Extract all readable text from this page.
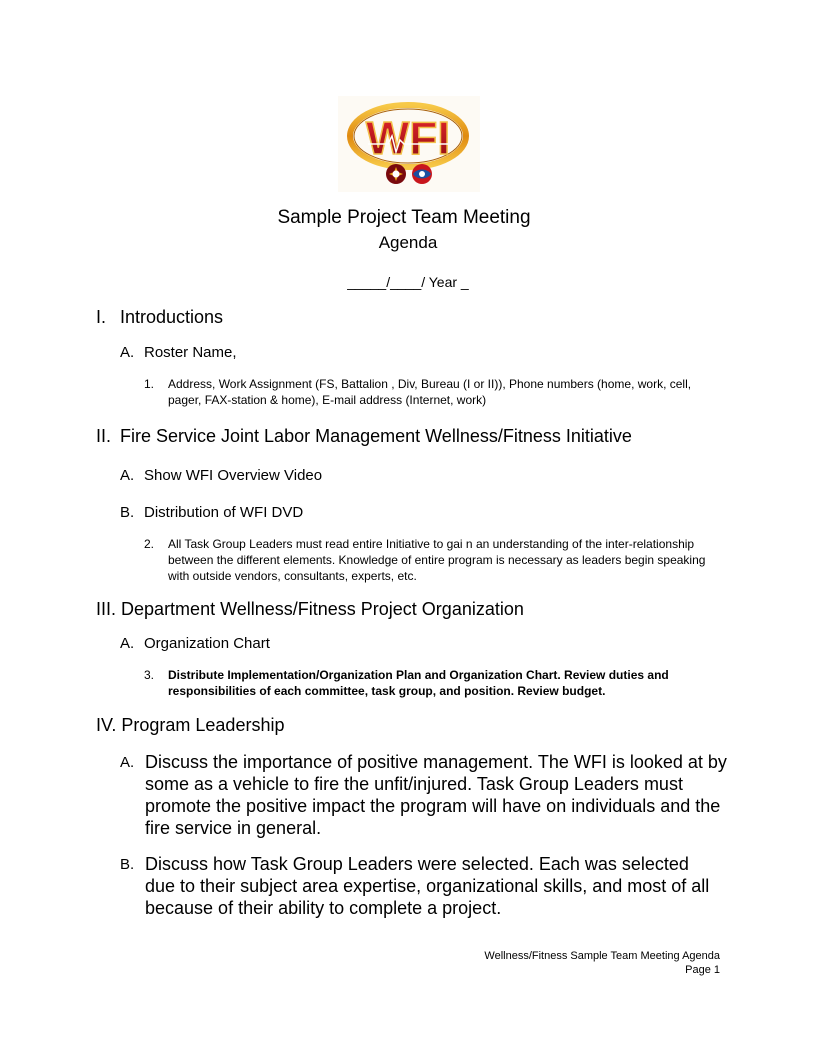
WFI
Sample Project Team Meeting
Agenda
_____/____/ Year _
I. Introductions
A. Roster Name,
1. Address, Work Assignment (FS, Battalion , Div, Bureau (I or II)), Phone numbers (home, work, cell, pager, FAX-station & home), E-mail address (Internet, work)
II. Fire Service Joint Labor Management Wellness/Fitness Initiative
A. Show WFI Overview Video
B. Distribution of WFI DVD
2. All Task Group Leaders must read entire Initiative to gai n an understanding of the inter-relationship between the different elements. Knowledge of entire program is necessary as leaders begin speaking with outside vendors, consultants, experts, etc.
III. Department Wellness/Fitness Project Organization
A. Organization Chart
3. Distribute Implementation/Organization Plan and Organization Chart. Review duties and responsibilities of each committee, task group, and position. Review budget.
IV. Program Leadership
A. Discuss the importance of positive management. The WFI is looked at by some as a vehicle to fire the unfit/injured. Task Group Leaders must promote the positive impact the program will have on individuals and the fire service in general.
B. Discuss how Task Group Leaders were selected. Each was selected due to their subject area expertise, organizational skills, and most of all because of their ability to complete a project.
Wellness/Fitness Sample Team Meeting Agenda
Page 1
